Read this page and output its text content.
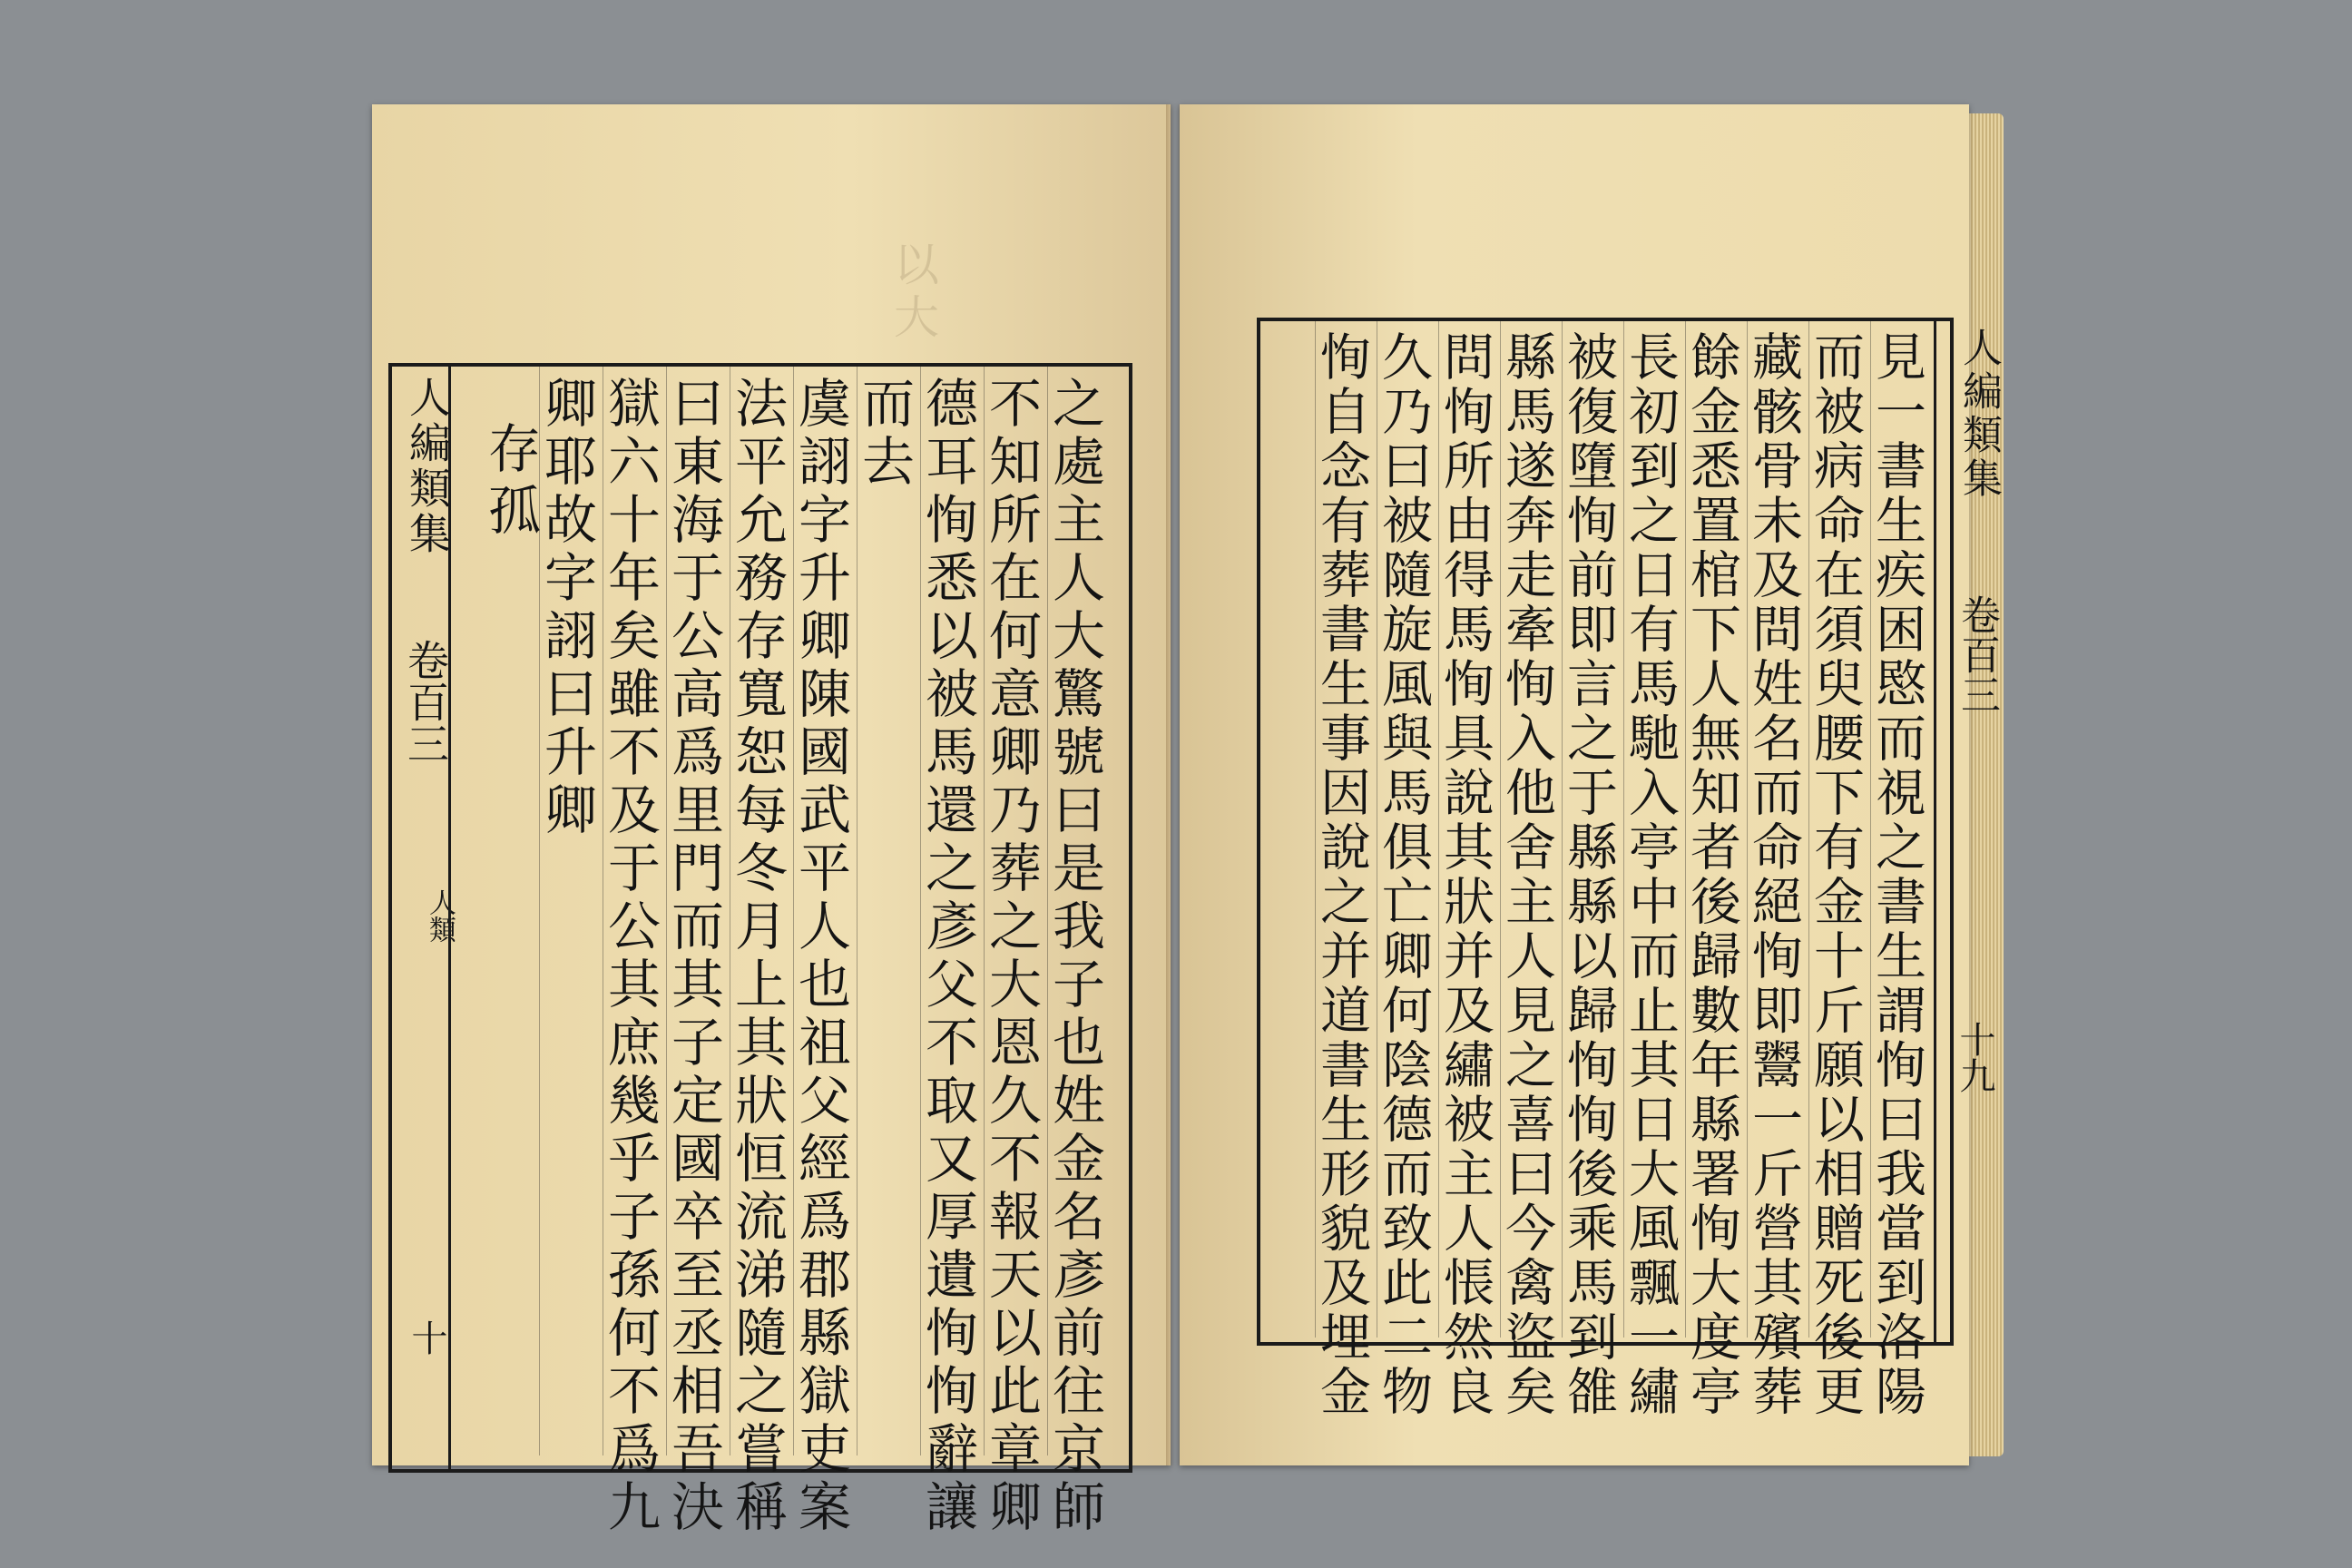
以大
人編類集
卷百三
人類
十
存孤	之處主人大驚號曰是我子也姓金名彥前往京師
不知所在何意卿乃葬之大恩久不報天以此章卿
德耳恂悉以被馬還之彥父不取又厚遺恂恂辭讓
而去
虞詡字升卿陳國武平人也祖父經爲郡縣獄吏案
法平允務存寬恕每冬月上其狀恒流涕隨之嘗稱
曰東海于公高爲里門而其子定國卒至丞相吾決
獄六十年矣雖不及于公其庶幾乎子孫何不爲九
卿耶故字詡曰升卿	見一書生疾困愍而視之書生謂恂曰我當到洛陽
而被病命在須臾腰下有金十斤願以相贈死後更
藏骸骨未及問姓名而命絕恂即鬻一斤營其殯葬
餘金悉置棺下人無知者後歸數年縣署恂大度亭
長初到之日有馬馳入亭中而止其日大風飄一繡
被復墮恂前即言之于縣縣以歸恂恂後乘馬到雒
縣馬遂奔走牽恂入他舍主人見之喜曰今禽盜矣
問恂所由得馬恂具說其狀并及繡被主人悵然良
久乃曰被隨旋風與馬俱亡卿何陰德而致此二物
恂自念有葬書生事因說之并道書生形貌及埋金	人編類集
卷百三
十九
